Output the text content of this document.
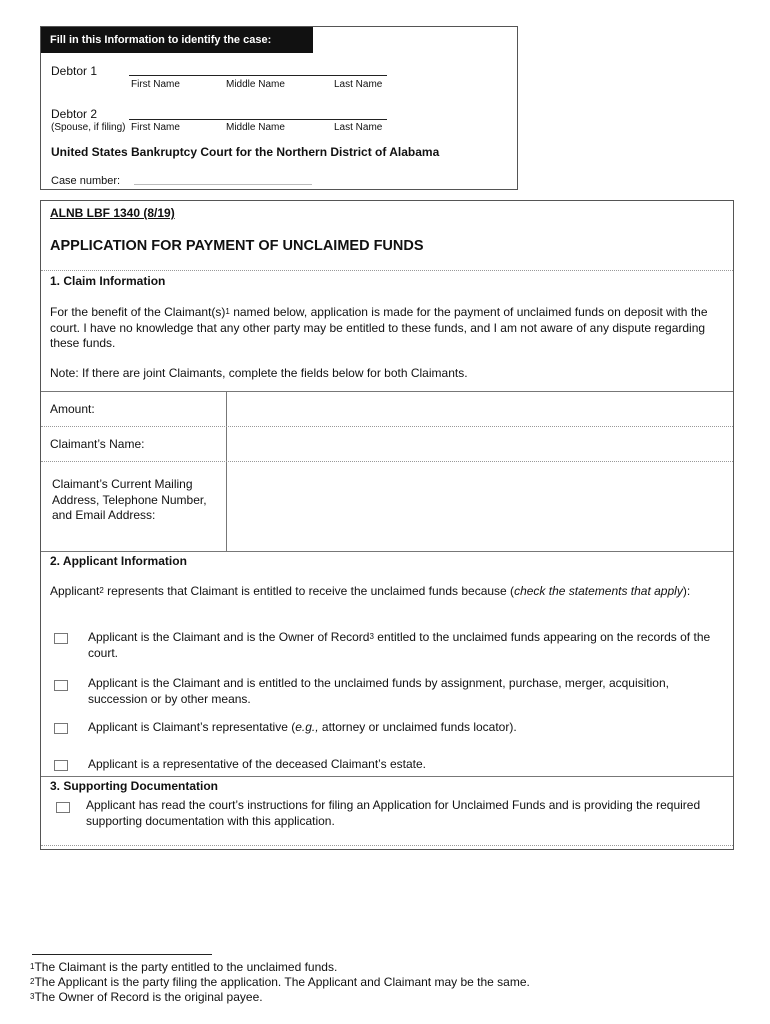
Fill in this Information to identify the case:
Debtor 1
First Name	Middle Name	Last Name
Debtor 2
(Spouse, if filing) First Name	Middle Name	Last Name
United States Bankruptcy Court for the Northern District of Alabama
Case number:
ALNB LBF 1340 (8/19)
APPLICATION FOR PAYMENT OF UNCLAIMED FUNDS
1. Claim Information
For the benefit of the $Claimant(s)^1$ named below, application is made for the payment of unclaimed funds on deposit with the court. I have no knowledge that any other party may be entitled to these funds, and I am not aware of any dispute regarding these funds.
Note: If there are joint Claimants, complete the fields below for both Claimants.
Amount:
Claimant’s Name:
Claimant’s Current Mailing Address, Telephone Number, and Email Address:
2. Applicant Information
Applicant$^2$ represents that Claimant is entitled to receive the unclaimed funds because (check the statements that apply):
Applicant is the Claimant and is the Owner of Record$^3$ entitled to the unclaimed funds appearing on the records of the court.
Applicant is the Claimant and is entitled to the unclaimed funds by assignment, purchase, merger, acquisition, succession or by other means.
Applicant is Claimant’s representative (e.g., attorney or unclaimed funds locator).
Applicant is a representative of the deceased Claimant’s estate.
3. Supporting Documentation
Applicant has read the court’s instructions for filing an Application for Unclaimed Funds and is providing the required supporting documentation with this application.
$^1$The Claimant is the party entitled to the unclaimed funds.
$^2$The Applicant is the party filing the application. The Applicant and Claimant may be the same.
$^3$The Owner of Record is the original payee.
